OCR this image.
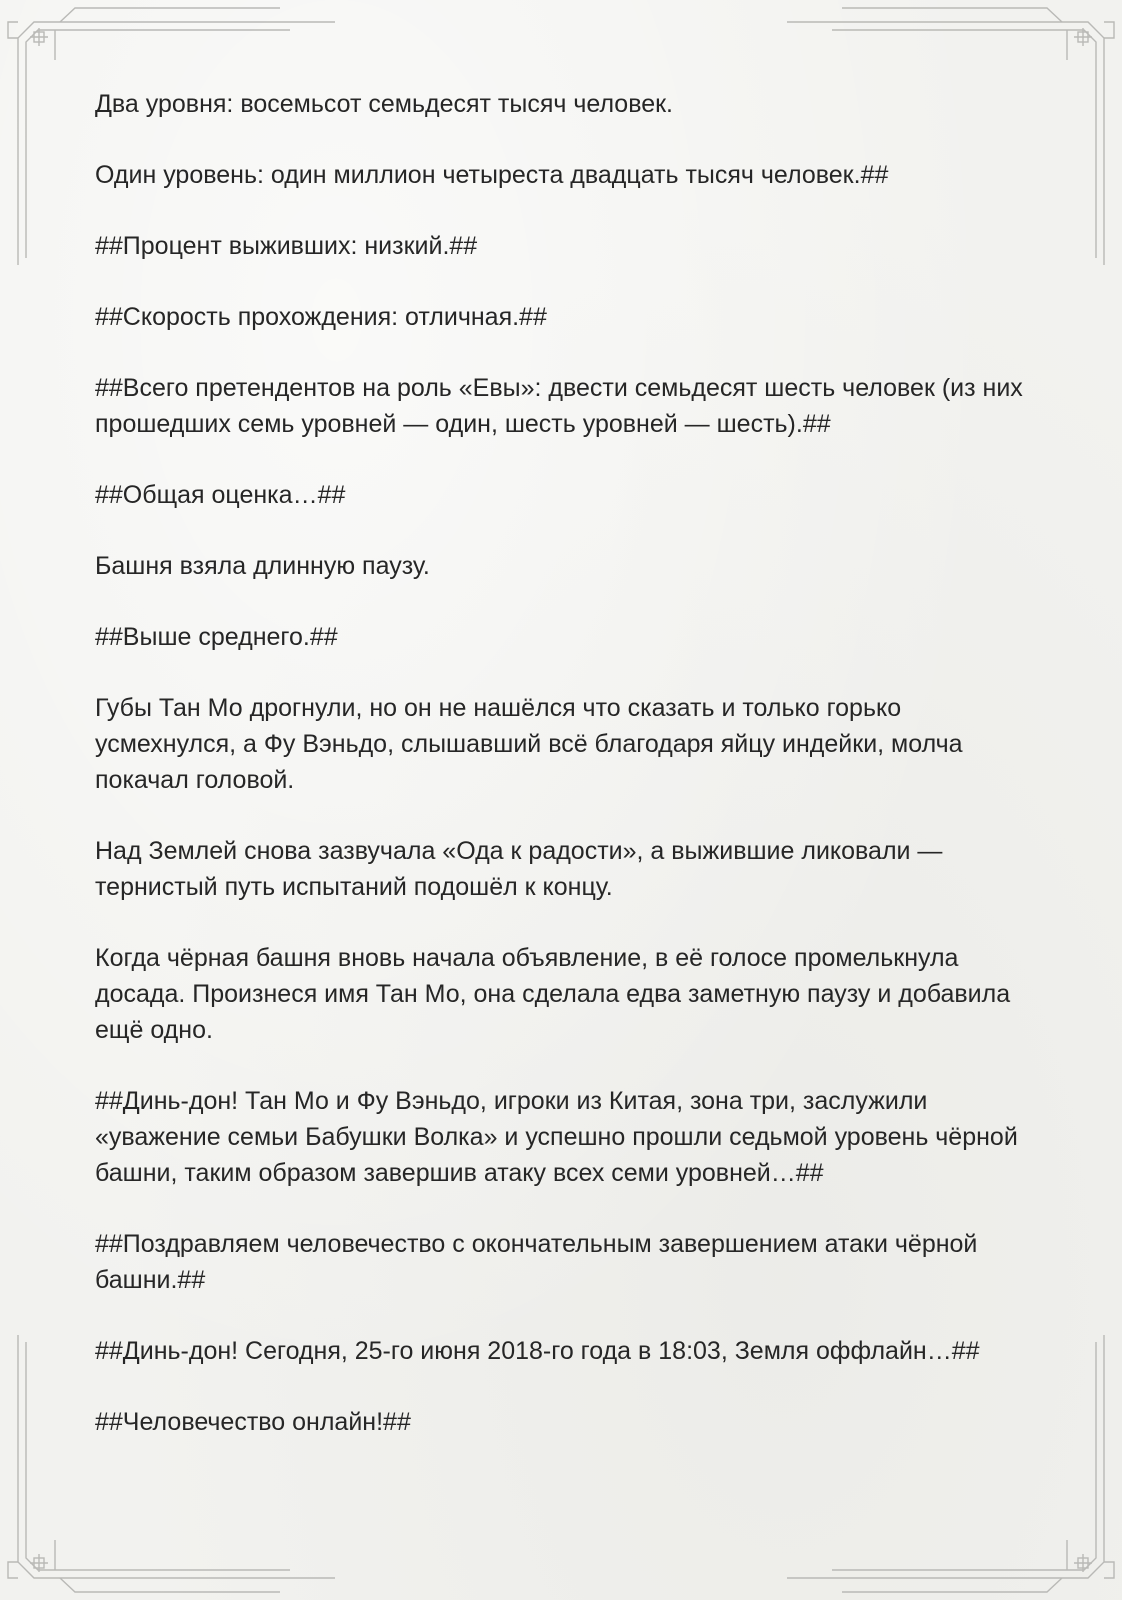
Два уровня: восемьсот семьдесят тысяч человек.

Один уровень: один миллион четыреста двадцать тысяч человек.##

##Процент выживших: низкий.##

##Скорость прохождения: отличная.##

##Всего претендентов на роль «Евы»: двести семьдесят шесть человек (из них прошедших семь уровней — один, шесть уровней — шесть).##

##Общая оценка…##

Башня взяла длинную паузу.

##Выше среднего.##

Губы Тан Мо дрогнули, но он не нашёлся что сказать и только горько усмехнулся, а Фу Вэньдо, слышавший всё благодаря яйцу индейки, молча покачал головой.

Над Землей снова зазвучала «Ода к радости», а выжившие ликовали — тернистый путь испытаний подошёл к концу.

Когда чёрная башня вновь начала объявление, в её голосе промелькнула досада. Произнеся имя Тан Мо, она сделала едва заметную паузу и добавила ещё одно.

##Динь-дон! Тан Мо и Фу Вэньдо, игроки из Китая, зона три, заслужили «уважение семьи Бабушки Волка» и успешно прошли седьмой уровень чёрной башни, таким образом завершив атаку всех семи уровней…##

##Поздравляем человечество с окончательным завершением атаки чёрной башни.##

##Динь-дон! Сегодня, 25-го июня 2018-го года в 18:03, Земля оффлайн…##

##Человечество онлайн!##
